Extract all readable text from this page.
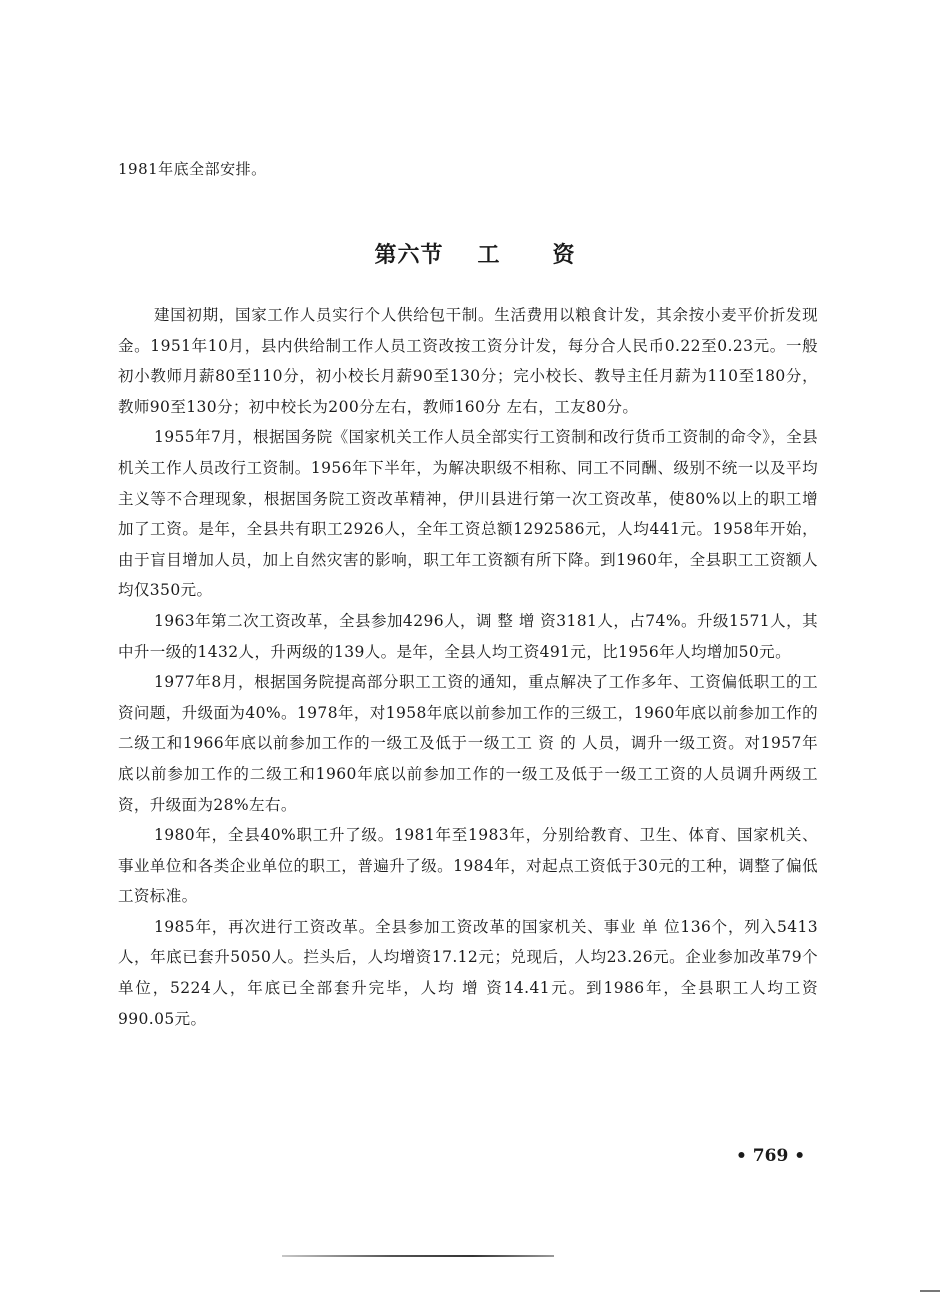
1981年底全部安排。
第六节 工 资

建国初期，国家工作人员实行个人供给包干制。生活费用以粮食计发，其余按小麦平价折发现金。1951年10月，县内供给制工作人员工资改按工资分计发，每分合人民币0.22至0.23元。一般初小教师月薪80至110分，初小校长月薪90至130分；完小校长、教导主任月薪为110至180分，教师90至130分；初中校长为200分左右，教师160分 左右，工友80分。

1955年7月，根据国务院《国家机关工作人员全部实行工资制和改行货币工资制的命令》，全县机关工作人员改行工资制。1956年下半年，为解决职级不相称、同工不同酬、级别不统一以及平均主义等不合理现象，根据国务院工资改革精神，伊川县进行第一次工资改革，使80%以上的职工增加了工资。是年，全县共有职工2926人，全年工资总额1292586元，人均441元。1958年开始，由于盲目增加人员，加上自然灾害的影响，职工年工资额有所下降。到1960年，全县职工工资额人均仅350元。

1963年第二次工资改革，全县参加4296人，调 整 增 资3181人，占74%。升级1571人，其中升一级的1432人，升两级的139人。是年，全县人均工资491元，比1956年人均增加50元。

1977年8月，根据国务院提高部分职工工资的通知，重点解决了工作多年、工资偏低职工的工资问题，升级面为40%。1978年，对1958年底以前参加工作的三级工，1960年底以前参加工作的二级工和1966年底以前参加工作的一级工及低于一级工工 资 的 人员，调升一级工资。对1957年底以前参加工作的二级工和1960年底以前参加工作的一级工及低于一级工工资的人员调升两级工资，升级面为28%左右。

1980年，全县40%职工升了级。1981年至1983年，分别给教育、卫生、体育、国家机关、事业单位和各类企业单位的职工，普遍升了级。1984年，对起点工资低于30元的工种，调整了偏低工资标准。

1985年，再次进行工资改革。全县参加工资改革的国家机关、事业 单 位136个，列入5413人，年底已套升5050人。拦头后，人均增资17.12元；兑现后，人均23.26元。企业参加改革79个单位，5224人，年底已全部套升完毕，人均 增 资14.41元。到1986年，全县职工人均工资990.05元。

• 769 •
